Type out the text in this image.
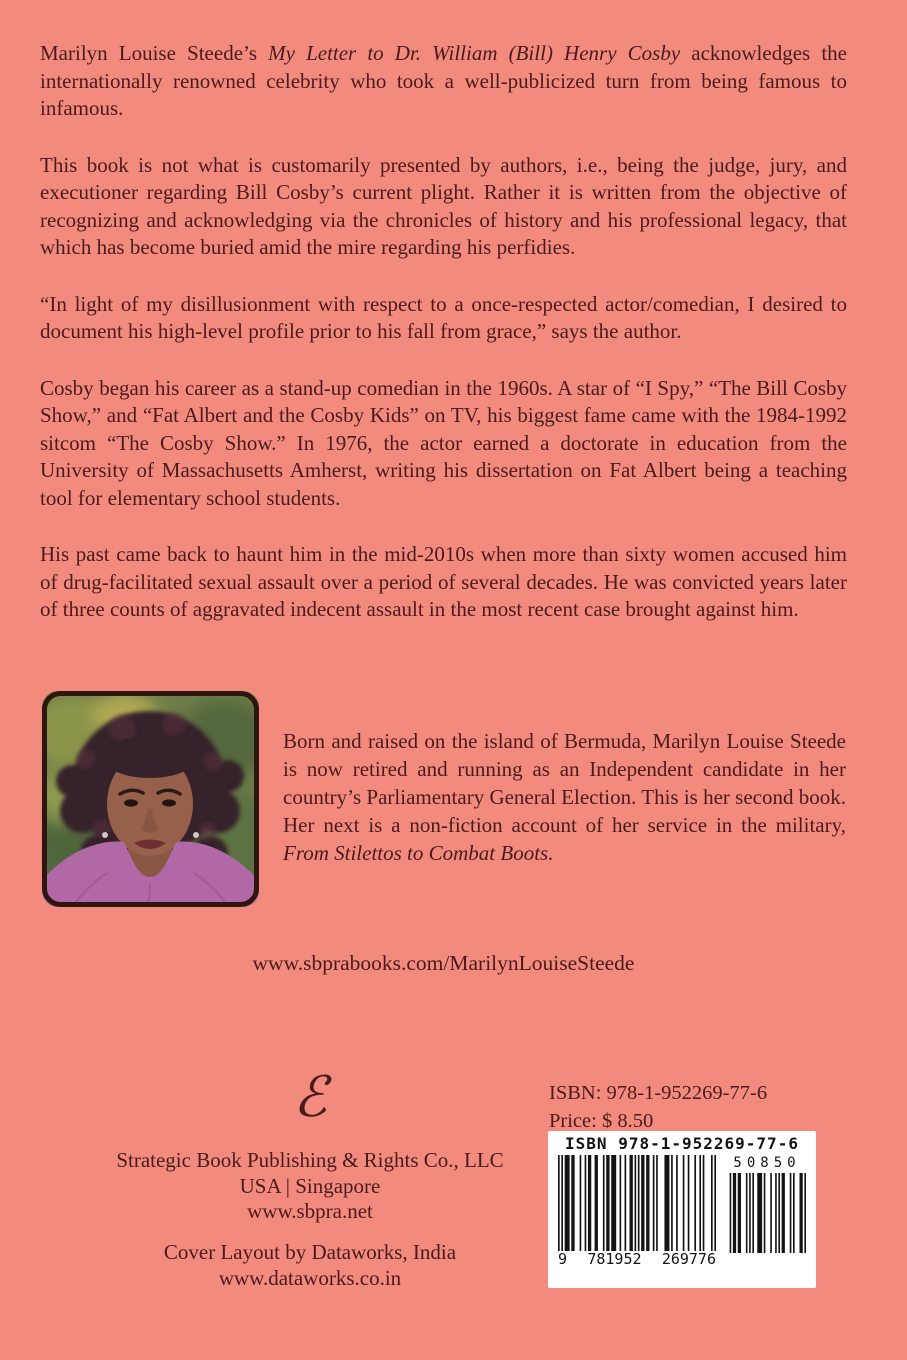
Marilyn Louise Steede’s My Letter to Dr. William (Bill) Henry Cosby acknowledges the internationally renowned celebrity who took a well-publicized turn from being famous to infamous.

This book is not what is customarily presented by authors, i.e., being the judge, jury, and executioner regarding Bill Cosby’s current plight. Rather it is written from the objective of recognizing and acknowledging via the chronicles of history and his professional legacy, that which has become buried amid the mire regarding his perfidies.

“In light of my disillusionment with respect to a once-respected actor/comedian, I desired to document his high-level profile prior to his fall from grace,” says the author.

Cosby began his career as a stand-up comedian in the 1960s. A star of “I Spy,” “The Bill Cosby Show,” and “Fat Albert and the Cosby Kids” on TV, his biggest fame came with the 1984-1992 sitcom “The Cosby Show.” In 1976, the actor earned a doctorate in education from the University of Massachusetts Amherst, writing his dissertation on Fat Albert being a teaching tool for elementary school students.

His past came back to haunt him in the mid-2010s when more than sixty women accused him of drug-facilitated sexual assault over a period of several decades. He was convicted years later of three counts of aggravated indecent assault in the most recent case brought against him.

Born and raised on the island of Bermuda, Marilyn Louise Steede is now retired and running as an Independent candidate in her country’s Parliamentary General Election. This is her second book. Her next is a non-fiction account of her service in the military, From Stilettos to Combat Boots.
www.sbprabooks.com/MarilynLouiseSteede
ℰ
Strategic Book Publishing & Rights Co., LLC
USA | Singapore
www.sbpra.net
Cover Layout by Dataworks, India
www.dataworks.co.in
ISBN: 978-1-952269-77-6
Price: $ 8.50
ISBN 978-1-952269-77-6
9 781952 269776
50850
